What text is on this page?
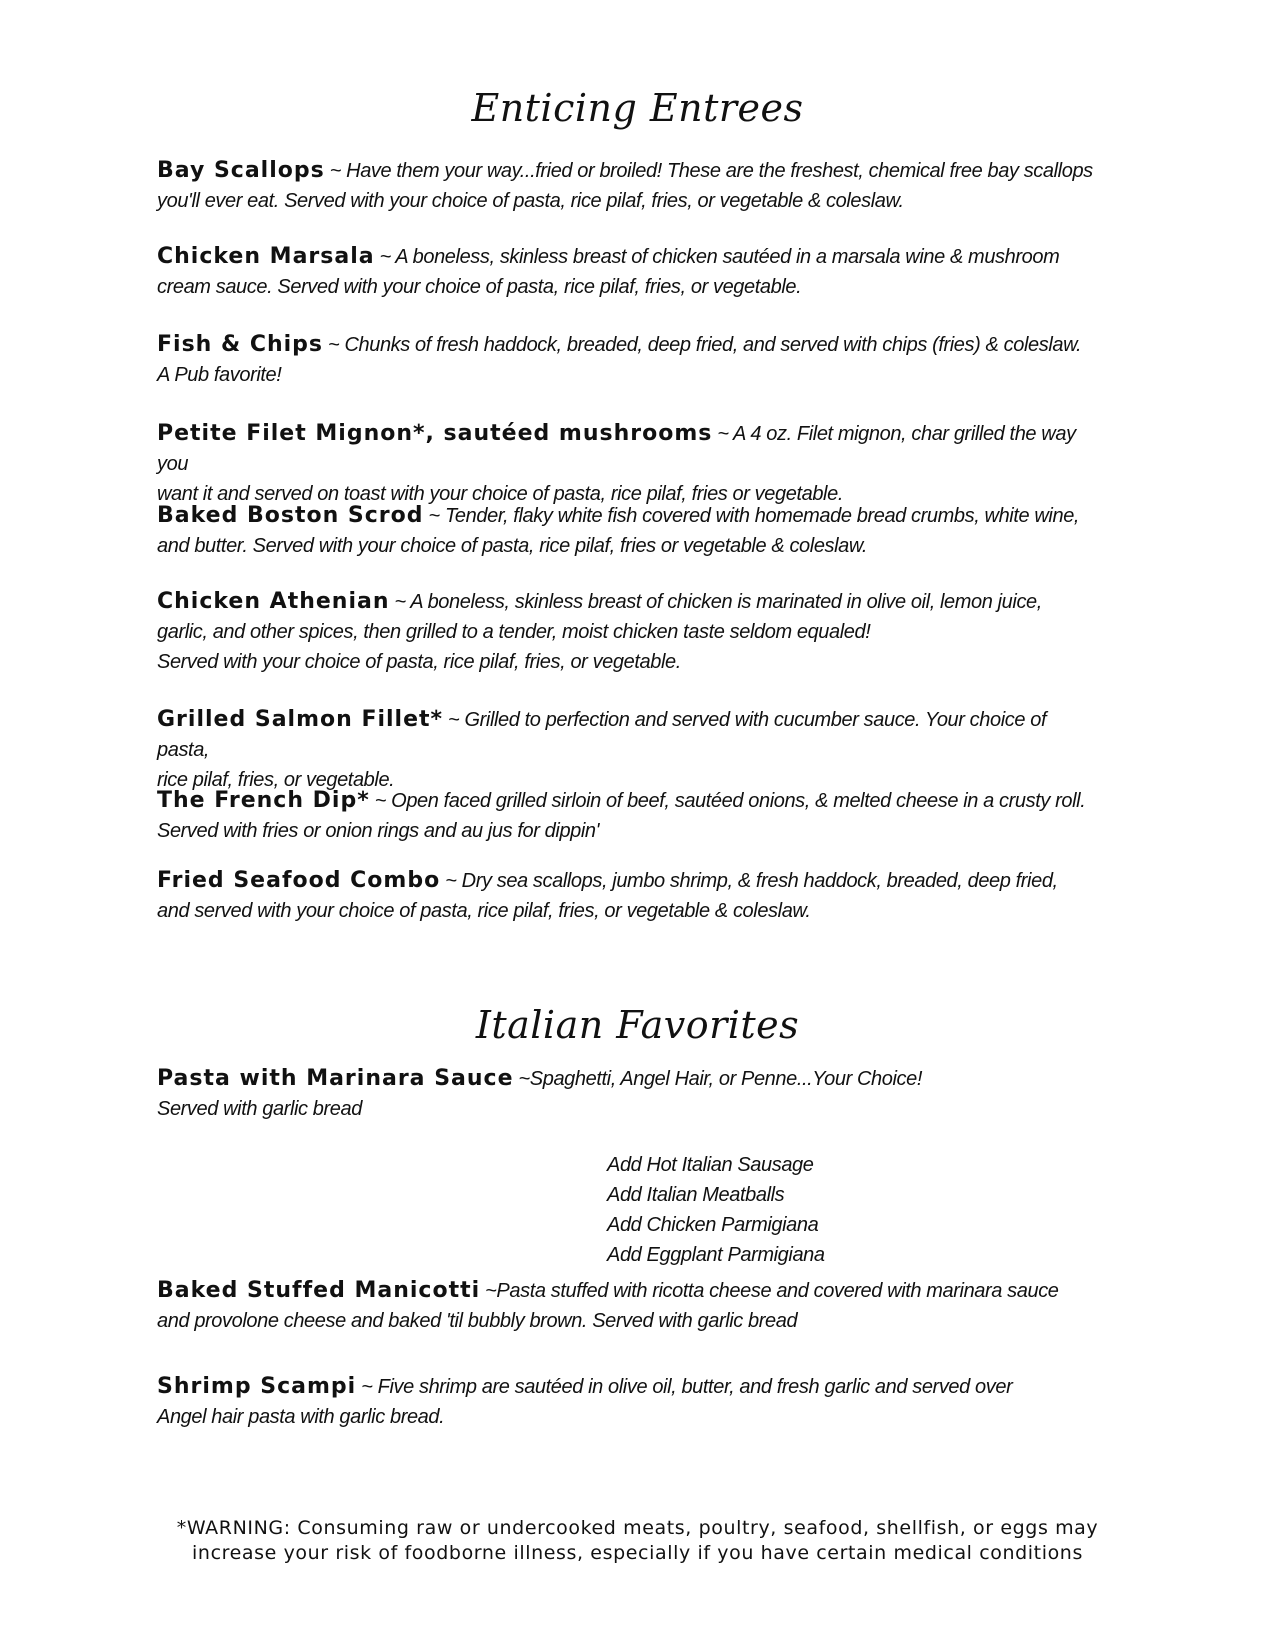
Enticing Entrees
Bay Scallops ~ Have them your way...fried or broiled! These are the freshest, chemical free bay scallops
you'll ever eat. Served with your choice of pasta, rice pilaf, fries, or vegetable & coleslaw.
Chicken Marsala ~ A boneless, skinless breast of chicken sautéed in a marsala wine & mushroom
cream sauce. Served with your choice of pasta, rice pilaf, fries, or vegetable.
Fish & Chips ~ Chunks of fresh haddock, breaded, deep fried, and served with chips (fries) & coleslaw.
A Pub favorite!
Petite Filet Mignon*, sautéed mushrooms ~ A 4 oz. Filet mignon, char grilled the way you
want it and served on toast with your choice of pasta, rice pilaf, fries or vegetable.
Baked Boston Scrod ~ Tender, flaky white fish covered with homemade bread crumbs, white wine,
and butter. Served with your choice of pasta, rice pilaf, fries or vegetable & coleslaw.
Chicken Athenian ~ A boneless, skinless breast of chicken is marinated in olive oil, lemon juice,
garlic, and other spices, then grilled to a tender, moist chicken taste seldom equaled!
Served with your choice of pasta, rice pilaf, fries, or vegetable.
Grilled Salmon Fillet* ~ Grilled to perfection and served with cucumber sauce. Your choice of pasta,
rice pilaf, fries, or vegetable.
The French Dip* ~ Open faced grilled sirloin of beef, sautéed onions, & melted cheese in a crusty roll.
Served with fries or onion rings and au jus for dippin'
Fried Seafood Combo ~ Dry sea scallops, jumbo shrimp, & fresh haddock, breaded, deep fried,
and served with your choice of pasta, rice pilaf, fries, or vegetable & coleslaw.
Italian Favorites
Pasta with Marinara Sauce ~Spaghetti, Angel Hair, or Penne...Your Choice!
Served with garlic bread
Add Hot Italian Sausage
Add Italian Meatballs
Add Chicken Parmigiana
Add Eggplant Parmigiana
Baked Stuffed Manicotti ~Pasta stuffed with ricotta cheese and covered with marinara sauce
and provolone cheese and baked 'til bubbly brown. Served with garlic bread
Shrimp Scampi ~ Five shrimp are sautéed in olive oil, butter, and fresh garlic and served over
Angel hair pasta with garlic bread.
*WARNING: Consuming raw or undercooked meats, poultry, seafood, shellfish, or eggs may
increase your risk of foodborne illness, especially if you have certain medical conditions
